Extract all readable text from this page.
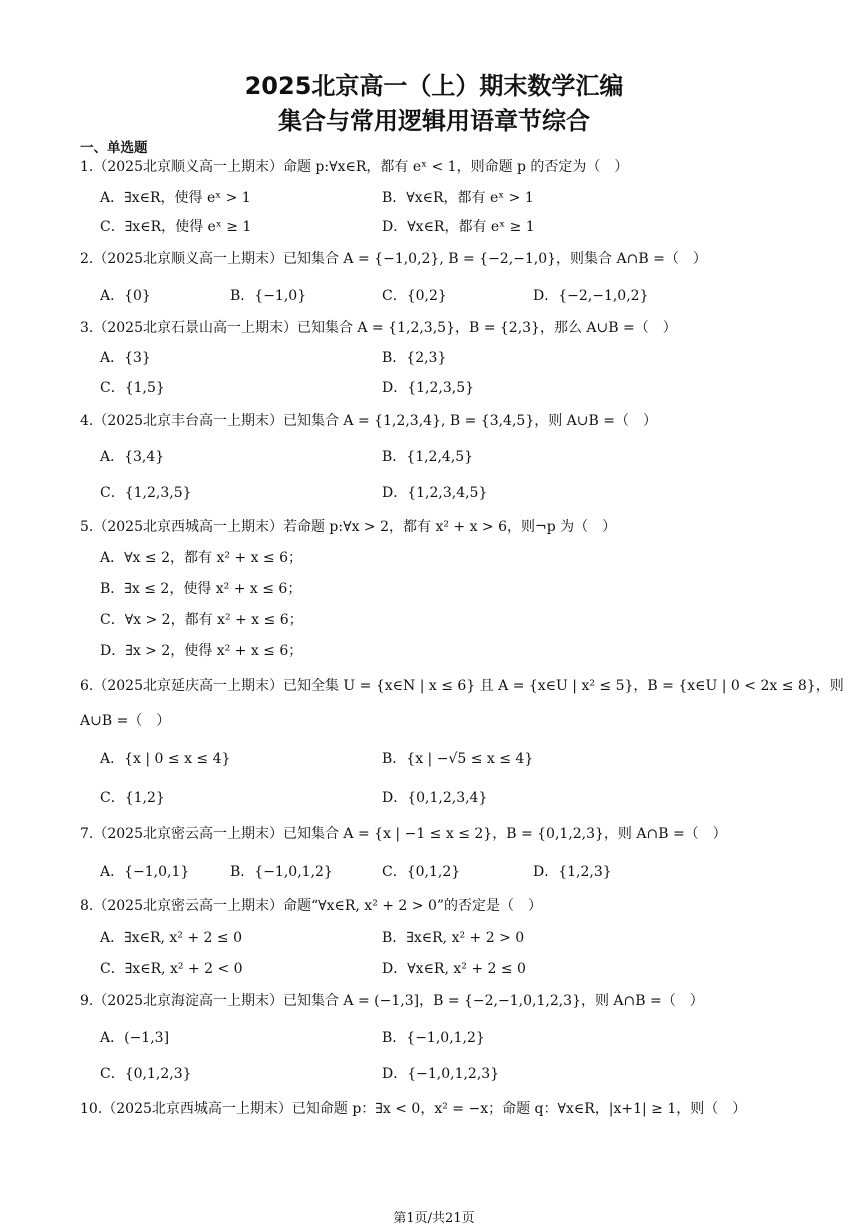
2025北京高一（上）期末数学汇编
集合与常用逻辑用语章节综合
一、单选题
1.（2025北京顺义高一上期末）命题 p:∀x∈R，都有 eˣ < 1，则命题 p 的否定为（　）
A．∃x∈R，使得 eˣ > 1	B．∀x∈R，都有 eˣ > 1
C．∃x∈R，使得 eˣ ≥ 1	D．∀x∈R，都有 eˣ ≥ 1
2.（2025北京顺义高一上期末）已知集合 A = {−1,0,2}, B = {−2,−1,0}，则集合 A∩B =（　）
A．{0}	B．{−1,0}	C．{0,2}	D．{−2,−1,0,2}
3.（2025北京石景山高一上期末）已知集合 A = {1,2,3,5}，B = {2,3}，那么 A∪B =（　）
A．{3}	B．{2,3}
C．{1,5}	D．{1,2,3,5}
4.（2025北京丰台高一上期末）已知集合 A = {1,2,3,4}, B = {3,4,5}，则 A∪B =（　）
A．{3,4}	B．{1,2,4,5}
C．{1,2,3,5}	D．{1,2,3,4,5}
5.（2025北京西城高一上期末）若命题 p:∀x > 2，都有 x² + x > 6，则¬p 为（　）
A．∀x ≤ 2，都有 x² + x ≤ 6；
B．∃x ≤ 2，使得 x² + x ≤ 6；
C．∀x > 2，都有 x² + x ≤ 6；
D．∃x > 2，使得 x² + x ≤ 6；
6.（2025北京延庆高一上期末）已知全集 U = {x∈N | x ≤ 6} 且 A = {x∈U | x² ≤ 5}，B = {x∈U | 0 < 2x ≤ 8}，则
A∪B =（　）
A．{x | 0 ≤ x ≤ 4}	B．{x | −√5 ≤ x ≤ 4}
C．{1,2}	D．{0,1,2,3,4}
7.（2025北京密云高一上期末）已知集合 A = {x | −1 ≤ x ≤ 2}，B = {0,1,2,3}，则 A∩B =（　）
A．{−1,0,1}	B．{−1,0,1,2}	C．{0,1,2}	D．{1,2,3}
8.（2025北京密云高一上期末）命题“∀x∈R, x² + 2 > 0”的否定是（　）
A．∃x∈R, x² + 2 ≤ 0	B．∃x∈R, x² + 2 > 0
C．∃x∈R, x² + 2 < 0	D．∀x∈R, x² + 2 ≤ 0
9.（2025北京海淀高一上期末）已知集合 A = (−1,3]，B = {−2,−1,0,1,2,3}，则 A∩B =（　）
A．(−1,3]	B．{−1,0,1,2}
C．{0,1,2,3}	D．{−1,0,1,2,3}
10.（2025北京西城高一上期末）已知命题 p：∃x < 0，x² = −x；命题 q：∀x∈R，|x+1| ≥ 1，则（　）
第1页/共21页
